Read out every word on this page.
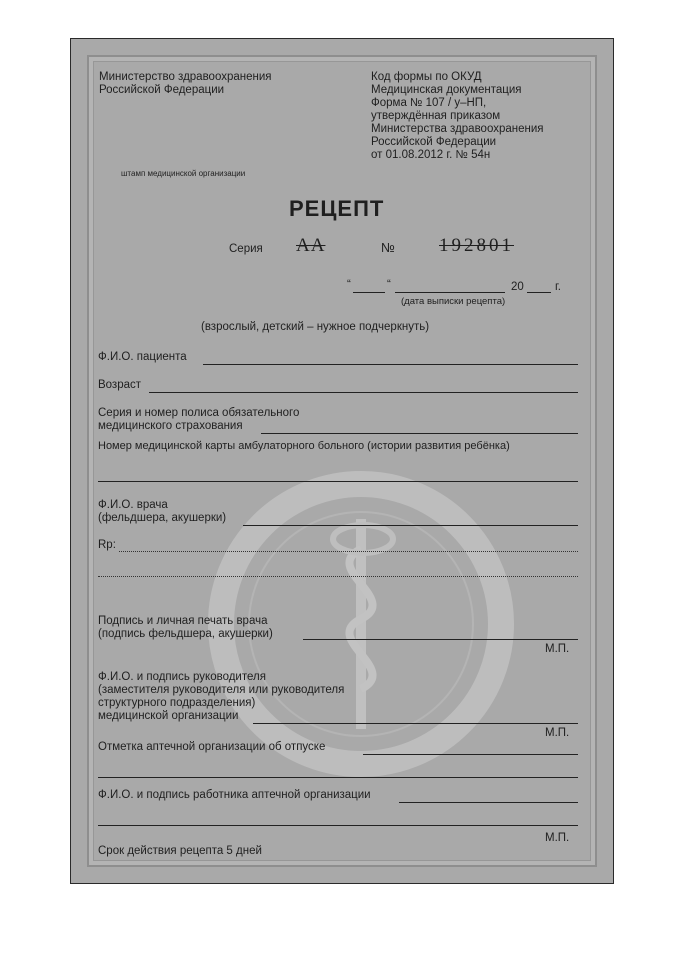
Министерство здравоохранения
Российской Федерации
штамп медицинской организации
Код формы по ОКУД
Медицинская документация
Форма № 107 / у–НП,
утверждённая приказом
Министерства здравоохранения
Российской Федерации
от 01.08.2012 г. № 54н
РЕЦЕПТ
Серия АА	№ 192801
“	“	20	г.
(дата выписки рецепта)
(взрослый, детский – нужное подчеркнуть)
Ф.И.О. пациента
Возраст
Серия и номер полиса обязательного
медицинского страхования
Номер медицинской карты амбулаторного больного (истории развития ребёнка)
Ф.И.О. врача
(фельдшера, акушерки)
Rp:
Подпись и личная печать врача
(подпись фельдшера, акушерки)
М.П.
Ф.И.О. и подпись руководителя
(заместителя руководителя или руководителя
структурного подразделения)
медицинской организации
М.П.
Отметка аптечной организации об отпуске
Ф.И.О. и подпись работника аптечной организации
М.П.
Срок действия рецепта 5 дней
